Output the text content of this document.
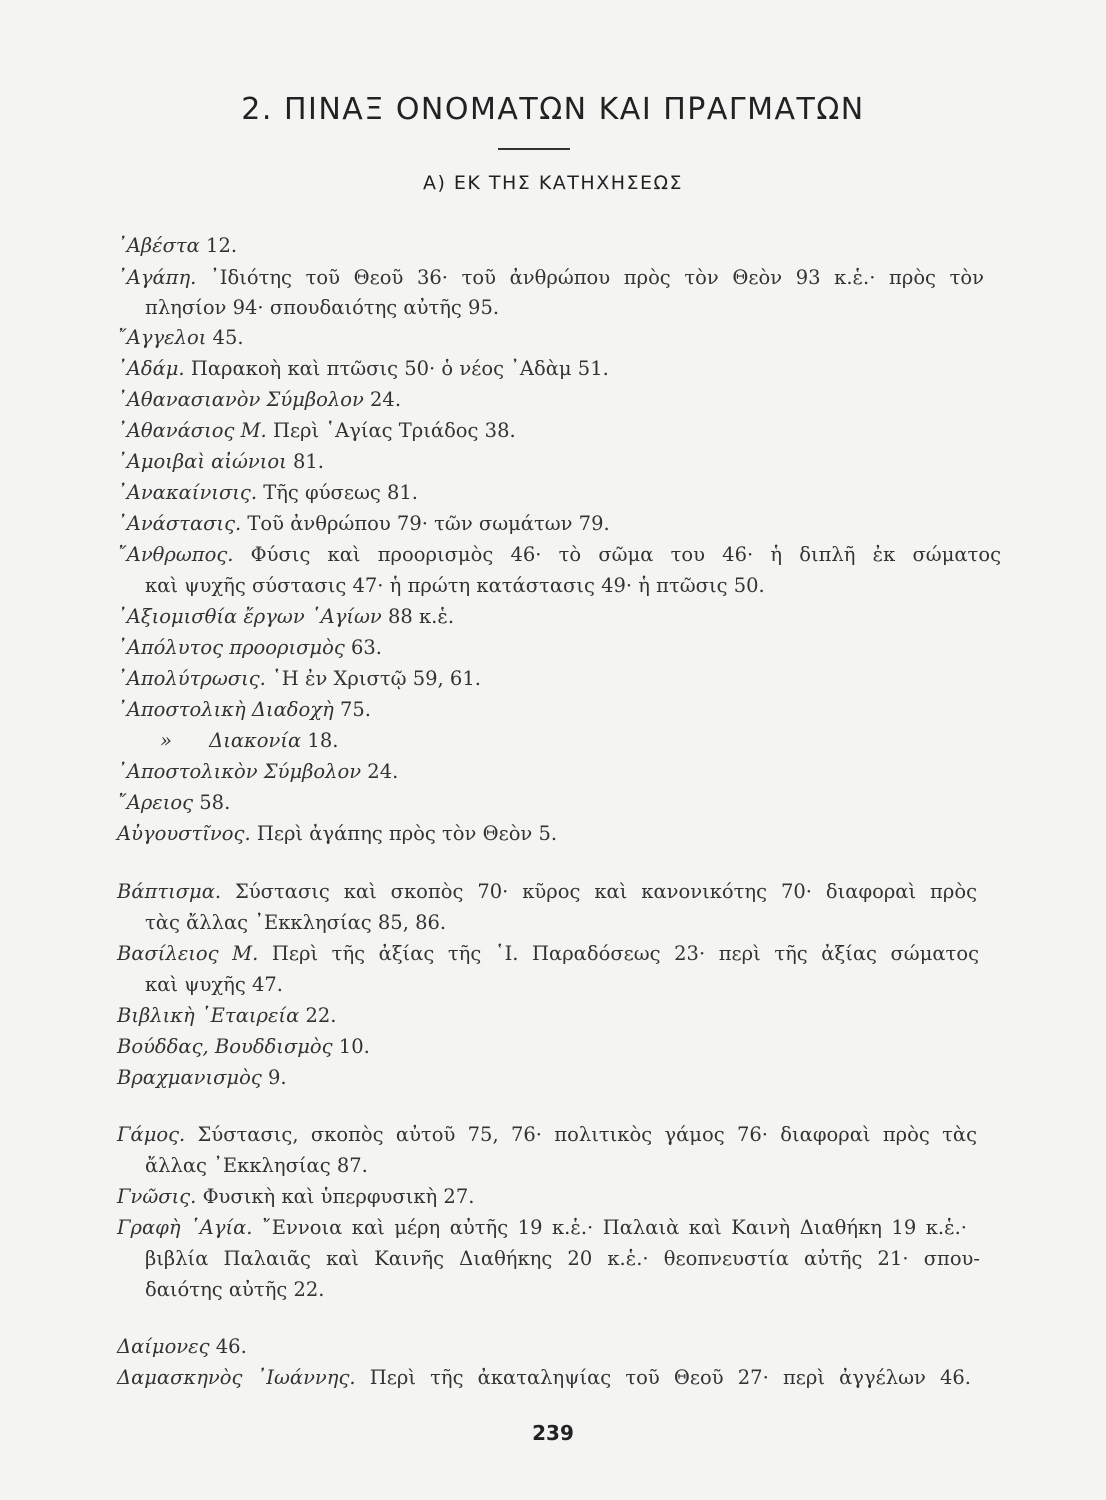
2. ΠΙΝΑΞ ΟΝΟΜΑΤΩΝ ΚΑΙ ΠΡΑΓΜΑΤΩΝ
Α) ΕΚ ΤΗΣ ΚΑΤΗΧΗΣΕΩΣ
᾿Αβέστα 12.
᾿Αγάπη. ᾿Ιδιότης τοῦ Θεοῦ 36· τοῦ ἀνθρώπου πρὸς τὸν Θεὸν 93 κ.ἑ.· πρὸς τὸν
πλησίον 94· σπουδαιότης αὐτῆς 95.
῎Αγγελοι 45.
᾿Αδάμ. Παρακοὴ καὶ πτῶσις 50· ὁ νέος ᾿Αδὰμ 51.
᾿Αθανασιανὸν Σύμβολον 24.
᾿Αθανάσιος Μ. Περὶ ῾Αγίας Τριάδος 38.
᾿Αμοιβαὶ αἰώνιοι 81.
᾿Ανακαίνισις. Τῆς φύσεως 81.
᾿Ανάστασις. Τοῦ ἀνθρώπου 79· τῶν σωμάτων 79.
῎Ανθρωπος. Φύσις καὶ προορισμὸς 46· τὸ σῶμα του 46· ἡ διπλῆ ἐκ σώματος
καὶ ψυχῆς σύστασις 47· ἡ πρώτη κατάστασις 49· ἡ πτῶσις 50.
᾿Αξιομισθία ἔργων ῾Αγίων 88 κ.ἑ.
᾿Απόλυτος προορισμὸς 63.
᾿Απολύτρωσις. ῾Η ἐν Χριστῷ 59, 61.
᾿Αποστολικὴ Διαδοχὴ 75.
»      Διακονία 18.
᾿Αποστολικὸν Σύμβολον 24.
῎Αρειος 58.
Αὐγουστῖνος. Περὶ ἀγάπης πρὸς τὸν Θεὸν 5.
Βάπτισμα. Σύστασις καὶ σκοπὸς 70· κῦρος καὶ κανονικότης 70· διαφοραὶ πρὸς
τὰς ἄλλας ᾿Εκκλησίας 85, 86.
Βασίλειος Μ. Περὶ τῆς ἀξίας τῆς ῾Ι. Παραδόσεως 23· περὶ τῆς ἀξίας σώματος
καὶ ψυχῆς 47.
Βιβλικὴ ῾Εταιρεία 22.
Βούδδας, Βουδδισμὸς 10.
Βραχμανισμὸς 9.
Γάμος. Σύστασις, σκοπὸς αὐτοῦ 75, 76· πολιτικὸς γάμος 76· διαφοραὶ πρὸς τὰς
ἄλλας ᾿Εκκλησίας 87.
Γνῶσις. Φυσικὴ καὶ ὑπερφυσικὴ 27.
Γραφὴ ῾Αγία. ῎Εννοια καὶ μέρη αὐτῆς 19 κ.ἑ.· Παλαιὰ καὶ Καινὴ Διαθήκη 19 κ.ἑ.·
βιβλία Παλαιᾶς καὶ Καινῆς Διαθήκης 20 κ.ἑ.· θεοπνευστία αὐτῆς 21· σπου-
δαιότης αὐτῆς 22.
Δαίμονες 46.
Δαμασκηνὸς ᾿Ιωάννης. Περὶ τῆς ἀκαταληψίας τοῦ Θεοῦ 27· περὶ ἀγγέλων 46.
239
